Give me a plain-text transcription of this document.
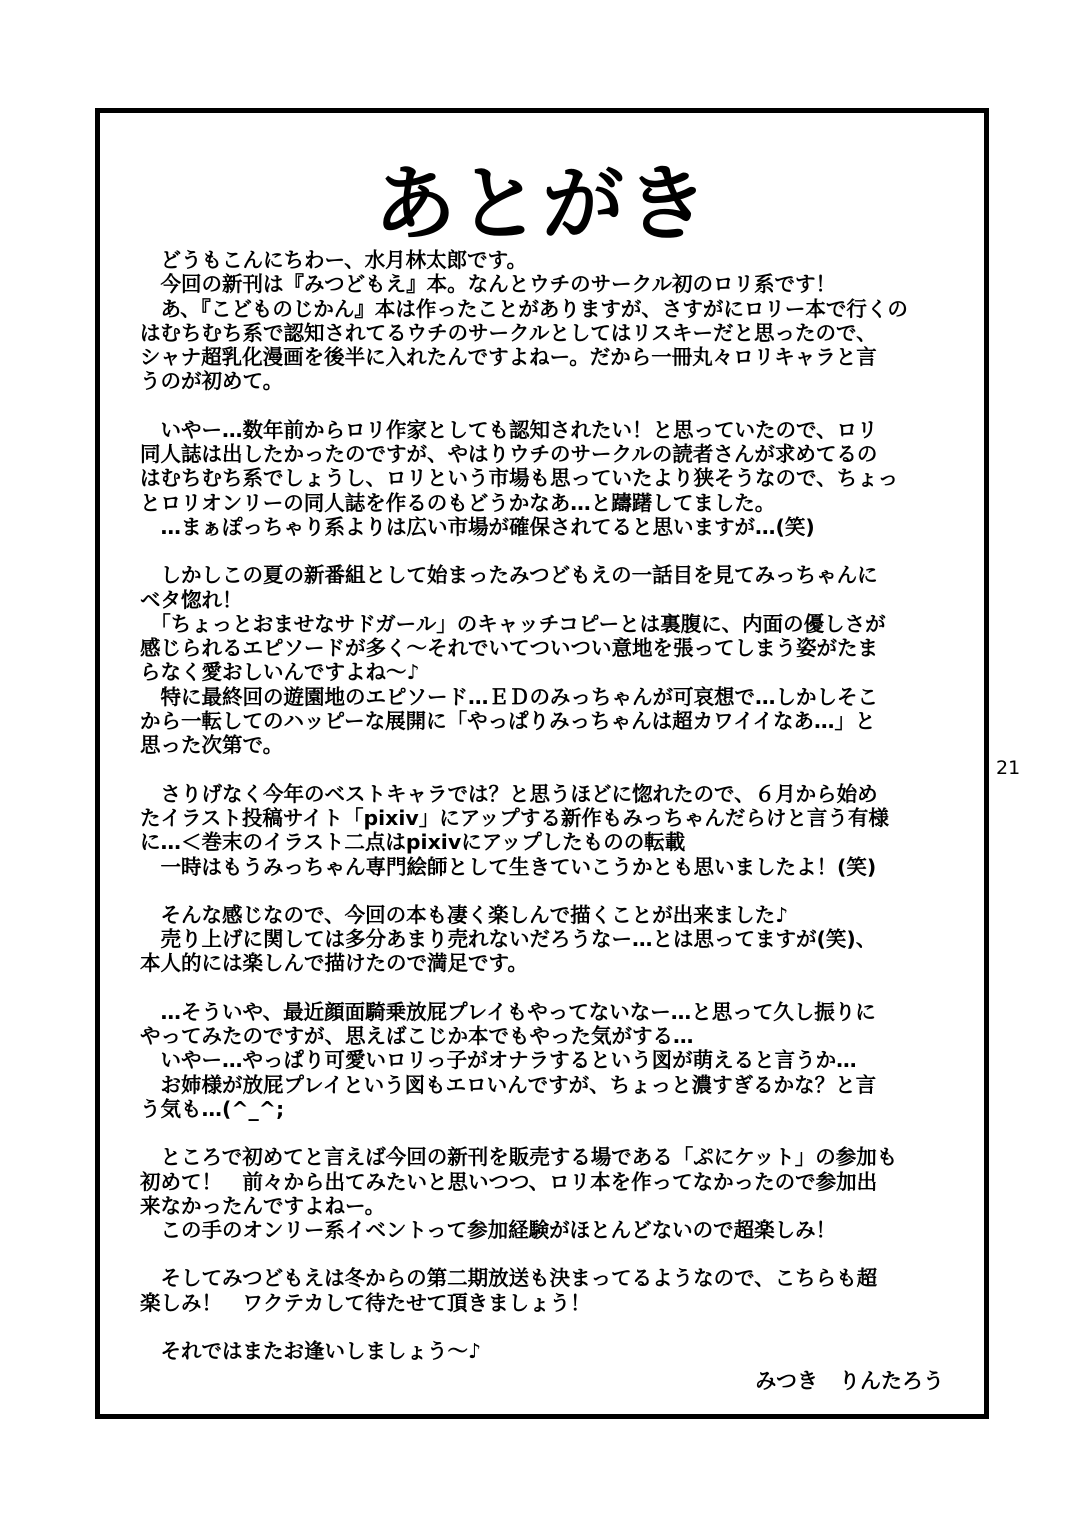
あとがき
　どうもこんにちわー、水月林太郎です。
　今回の新刊は『みつどもえ』本。なんとウチのサークル初のロリ系です！
　あ、『こどものじかん』本は作ったことがありますが、さすがにロリー本で行くの
はむちむち系で認知されてるウチのサークルとしてはリスキーだと思ったので、
シャナ超乳化漫画を後半に入れたんですよねー。だから一冊丸々ロリキャラと言
うのが初めて。
　いやー…数年前からロリ作家としても認知されたい！と思っていたので、ロリ
同人誌は出したかったのですが、やはりウチのサークルの読者さんが求めてるの
はむちむち系でしょうし、ロリという市場も思っていたより狭そうなので、ちょっ
とロリオンリーの同人誌を作るのもどうかなあ…と躊躇してました。
　…まぁぽっちゃり系よりは広い市場が確保されてると思いますが…(笑)
　しかしこの夏の新番組として始まったみつどもえの一話目を見てみっちゃんに
ベタ惚れ！
　「ちょっとおませなサドガール」のキャッチコピーとは裏腹に、内面の優しさが
感じられるエピソードが多く～それでいてついつい意地を張ってしまう姿がたま
らなく愛おしいんですよね～♪
　特に最終回の遊園地のエピソード…ＥＤのみっちゃんが可哀想で…しかしそこ
から一転してのハッピーな展開に「やっぱりみっちゃんは超カワイイなあ…」と
思った次第で。
　さりげなく今年のベストキャラでは？と思うほどに惚れたので、６月から始め
たイラスト投稿サイト「pixiv」にアップする新作もみっちゃんだらけと言う有様
に…＜巻末のイラスト二点はpixivにアップしたものの転載
　一時はもうみっちゃん専門絵師として生きていこうかとも思いましたよ！(笑)
　そんな感じなので、今回の本も凄く楽しんで描くことが出来ました♪
　売り上げに関しては多分あまり売れないだろうなー…とは思ってますが(笑)、
本人的には楽しんで描けたので満足です。
　…そういや、最近顔面騎乗放屁プレイもやってないなー…と思って久し振りに
やってみたのですが、思えばこじか本でもやった気がする…
　いやー…やっぱり可愛いロリっ子がオナラするという図が萌えると言うか…
　お姉様が放屁プレイという図もエロいんですが、ちょっと濃すぎるかな？と言
う気も…(^_^;
　ところで初めてと言えば今回の新刊を販売する場である「ぷにケット」の参加も
初めて！　前々から出てみたいと思いつつ、ロリ本を作ってなかったので参加出
来なかったんですよねー。
　この手のオンリー系イベントって参加経験がほとんどないので超楽しみ！
　そしてみつどもえは冬からの第二期放送も決まってるようなので、こちらも超
楽しみ！　ワクテカして待たせて頂きましょう！
　それではまたお逢いしましょう～♪

みつき　りんたろう

21
